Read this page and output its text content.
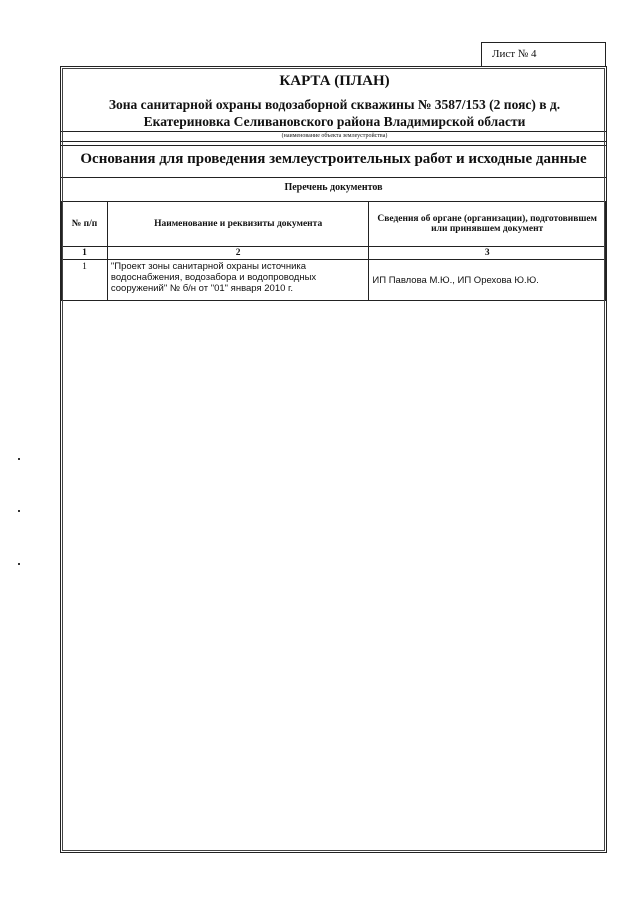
Лист № 4
КАРТА (ПЛАН)
Зона санитарной охраны водозаборной скважины № 3587/153 (2 пояс) в д.
Екатериновка Селивановского района Владимирской области
(наименование объекта землеустройства)
Основания для проведения землеустроительных работ и исходные данные
Перечень документов
№ п/п	Наименование и реквизиты документа	Сведения об органе (организации), подготовившем или принявшем документ
1	2	3
1	"Проект зоны санитарной охраны источника водоснабжения, водозабора и водопроводных сооружений" № б/н от "01" января 2010 г.	ИП Павлова М.Ю., ИП Орехова Ю.Ю.
